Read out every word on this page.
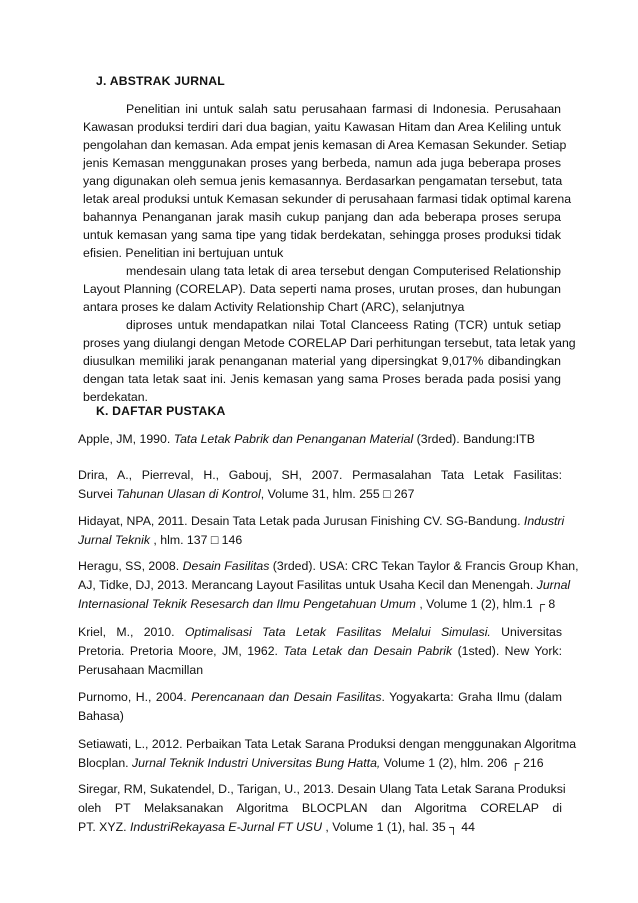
J. ABSTRAK JURNAL
Penelitian ini untuk salah satu perusahaan farmasi di Indonesia. Perusahaan
Kawasan produksi terdiri dari dua bagian, yaitu Kawasan Hitam dan Area Keliling untuk
pengolahan dan kemasan. Ada empat jenis kemasan di Area Kemasan Sekunder. Setiap
jenis Kemasan menggunakan proses yang berbeda, namun ada juga beberapa proses
yang digunakan oleh semua jenis kemasannya. Berdasarkan pengamatan tersebut, tata
letak areal produksi untuk Kemasan sekunder di perusahaan farmasi tidak optimal karena
bahannya Penanganan jarak masih cukup panjang dan ada beberapa proses serupa
untuk kemasan yang sama tipe yang tidak berdekatan, sehingga proses produksi tidak
efisien. Penelitian ini bertujuan untuk
mendesain ulang tata letak di area tersebut dengan Computerised Relationship
Layout Planning (CORELAP). Data seperti nama proses, urutan proses, dan hubungan
antara proses ke dalam Activity Relationship Chart (ARC), selanjutnya
diproses untuk mendapatkan nilai Total Clanceess Rating (TCR) untuk setiap
proses yang diulangi dengan Metode CORELAP Dari perhitungan tersebut, tata letak yang
diusulkan memiliki jarak penanganan material yang dipersingkat 9,017% dibandingkan
dengan tata letak saat ini. Jenis kemasan yang sama Proses berada pada posisi yang
berdekatan.
K. DAFTAR PUSTAKA
Apple, JM, 1990. Tata Letak Pabrik dan Penanganan Material (3rded). Bandung:ITB
Drira, A., Pierreval, H., Gabouj, SH, 2007. Permasalahan Tata Letak Fasilitas:
Survei Tahunan Ulasan di Kontrol, Volume 31, hlm. 255 □ 267
Hidayat, NPA, 2011. Desain Tata Letak pada Jurusan Finishing CV. SG-Bandung. Industri
Jurnal Teknik , hlm. 137 □ 146
Heragu, SS, 2008. Desain Fasilitas (3rded). USA: CRC Tekan Taylor & Francis Group Khan,
AJ, Tidke, DJ, 2013. Merancang Layout Fasilitas untuk Usaha Kecil dan Menengah. Jurnal
Internasional Teknik Resesarch dan Ilmu Pengetahuan Umum , Volume 1 (2), hlm.1 ┌ 8
Kriel, M., 2010. Optimalisasi Tata Letak Fasilitas Melalui Simulasi. Universitas
Pretoria. Pretoria Moore, JM, 1962. Tata Letak dan Desain Pabrik (1sted). New York:
Perusahaan Macmillan
Purnomo, H., 2004. Perencanaan dan Desain Fasilitas. Yogyakarta: Graha Ilmu (dalam
Bahasa)
Setiawati, L., 2012. Perbaikan Tata Letak Sarana Produksi dengan menggunakan Algoritma
Blocplan. Jurnal Teknik Industri Universitas Bung Hatta, Volume 1 (2), hlm. 206 ┌ 216
Siregar, RM, Sukatendel, D., Tarigan, U., 2013. Desain Ulang Tata Letak Sarana Produksi
oleh PT Melaksanakan Algoritma BLOCPLAN dan Algoritma CORELAP di
PT. XYZ. IndustriRekayasa E-Jurnal FT USU , Volume 1 (1), hal. 35 ┐ 44
